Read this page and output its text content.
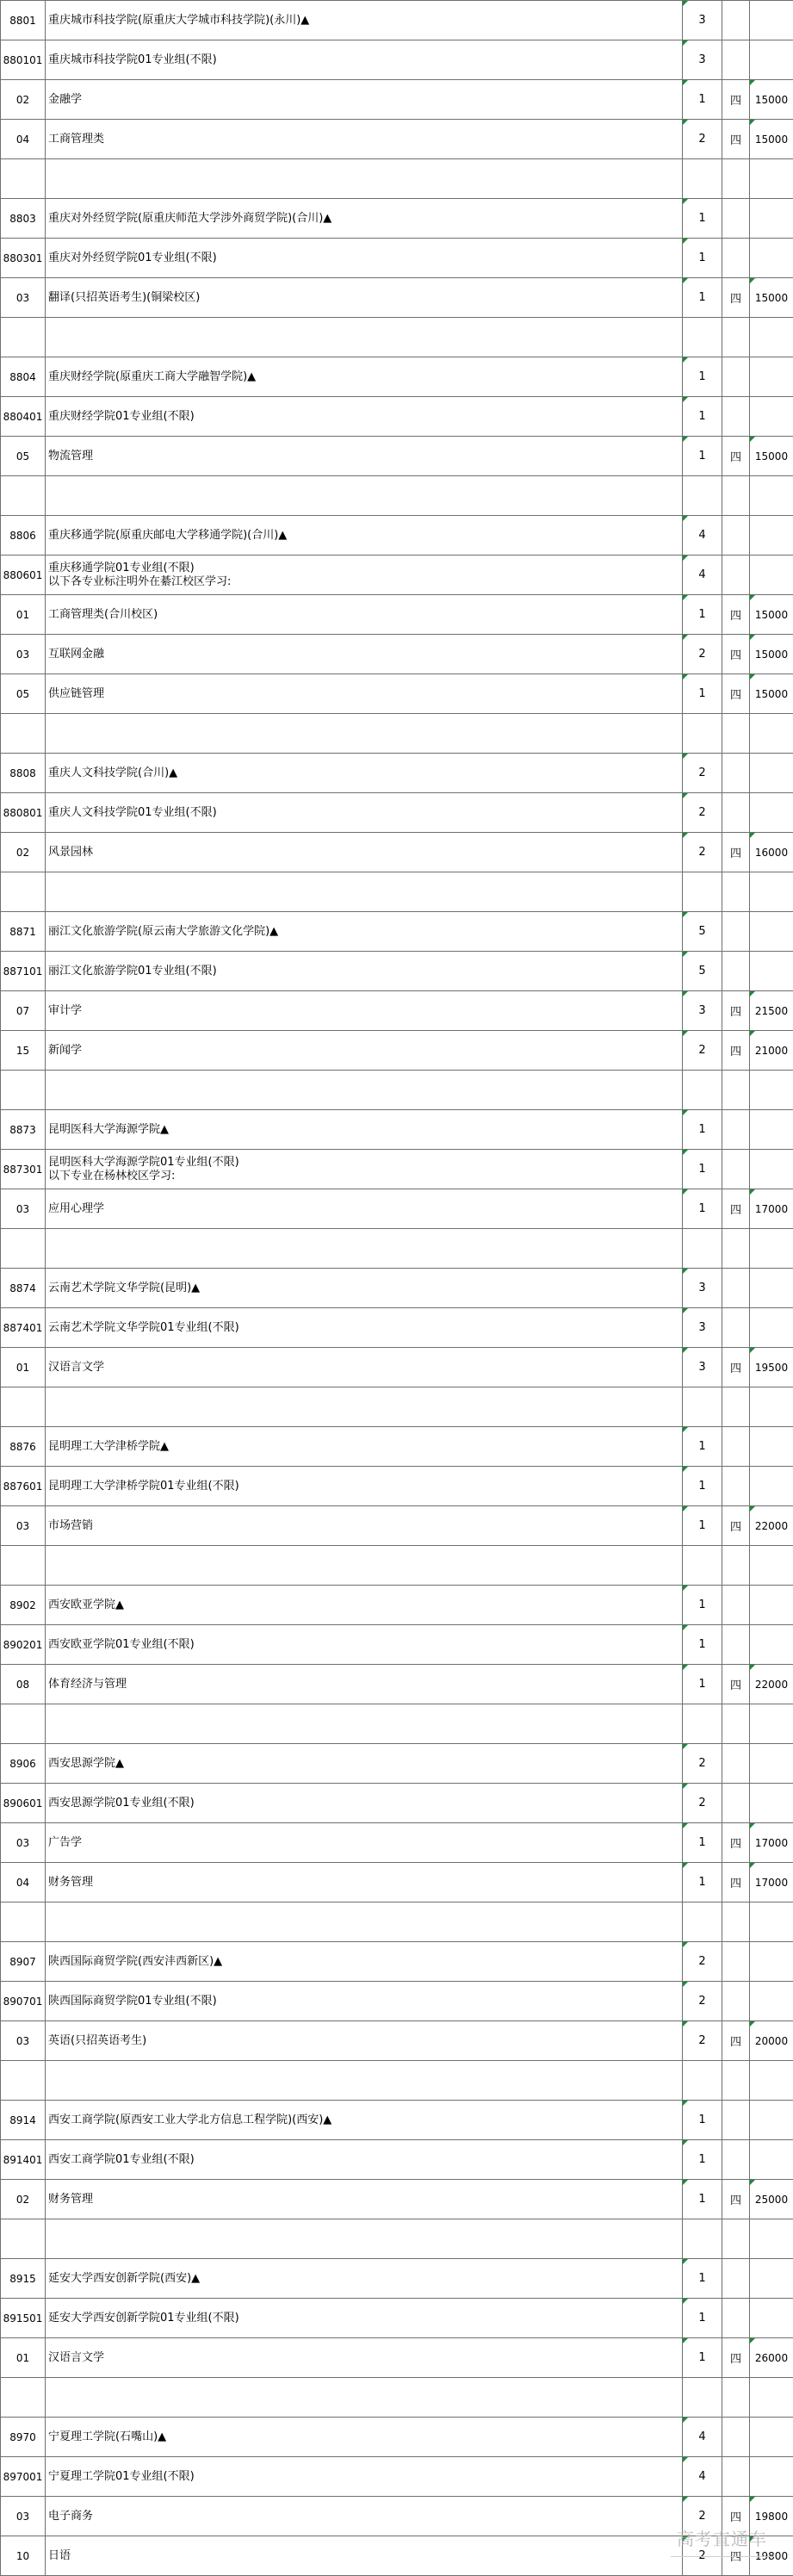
8801	重庆城市科技学院(原重庆大学城市科技学院)(永川)▲	3		
880101	重庆城市科技学院01专业组(不限)	3		
02	金融学	1	四	15000
04	工商管理类	2	四	15000

8803	重庆对外经贸学院(原重庆师范大学涉外商贸学院)(合川)▲	1		
880301	重庆对外经贸学院01专业组(不限)	1		
03	翻译(只招英语考生)(铜梁校区)	1	四	15000

8804	重庆财经学院(原重庆工商大学融智学院)▲	1		
880401	重庆财经学院01专业组(不限)	1		
05	物流管理	1	四	15000

8806	重庆移通学院(原重庆邮电大学移通学院)(合川)▲	4		
880601	重庆移通学院01专业组(不限)
以下各专业标注明外在綦江校区学习:	4		
01	工商管理类(合川校区)	1	四	15000
03	互联网金融	2	四	15000
05	供应链管理	1	四	15000

8808	重庆人文科技学院(合川)▲	2		
880801	重庆人文科技学院01专业组(不限)	2		
02	风景园林	2	四	16000

8871	丽江文化旅游学院(原云南大学旅游文化学院)▲	5		
887101	丽江文化旅游学院01专业组(不限)	5		
07	审计学	3	四	21500
15	新闻学	2	四	21000

8873	昆明医科大学海源学院▲	1		
887301	昆明医科大学海源学院01专业组(不限)
以下专业在杨林校区学习:	1		
03	应用心理学	1	四	17000

8874	云南艺术学院文华学院(昆明)▲	3		
887401	云南艺术学院文华学院01专业组(不限)	3		
01	汉语言文学	3	四	19500

8876	昆明理工大学津桥学院▲	1		
887601	昆明理工大学津桥学院01专业组(不限)	1		
03	市场营销	1	四	22000

8902	西安欧亚学院▲	1		
890201	西安欧亚学院01专业组(不限)	1		
08	体育经济与管理	1	四	22000

8906	西安思源学院▲	2		
890601	西安思源学院01专业组(不限)	2		
03	广告学	1	四	17000
04	财务管理	1	四	17000

8907	陕西国际商贸学院(西安沣西新区)▲	2		
890701	陕西国际商贸学院01专业组(不限)	2		
03	英语(只招英语考生)	2	四	20000

8914	西安工商学院(原西安工业大学北方信息工程学院)(西安)▲	1		
891401	西安工商学院01专业组(不限)	1		
02	财务管理	1	四	25000

8915	延安大学西安创新学院(西安)▲	1		
891501	延安大学西安创新学院01专业组(不限)	1		
01	汉语言文学	1	四	26000

8970	宁夏理工学院(石嘴山)▲	4		
897001	宁夏理工学院01专业组(不限)	4		
03	电子商务	2	四	19800
10	日语	2	四	19800
高考直通车
